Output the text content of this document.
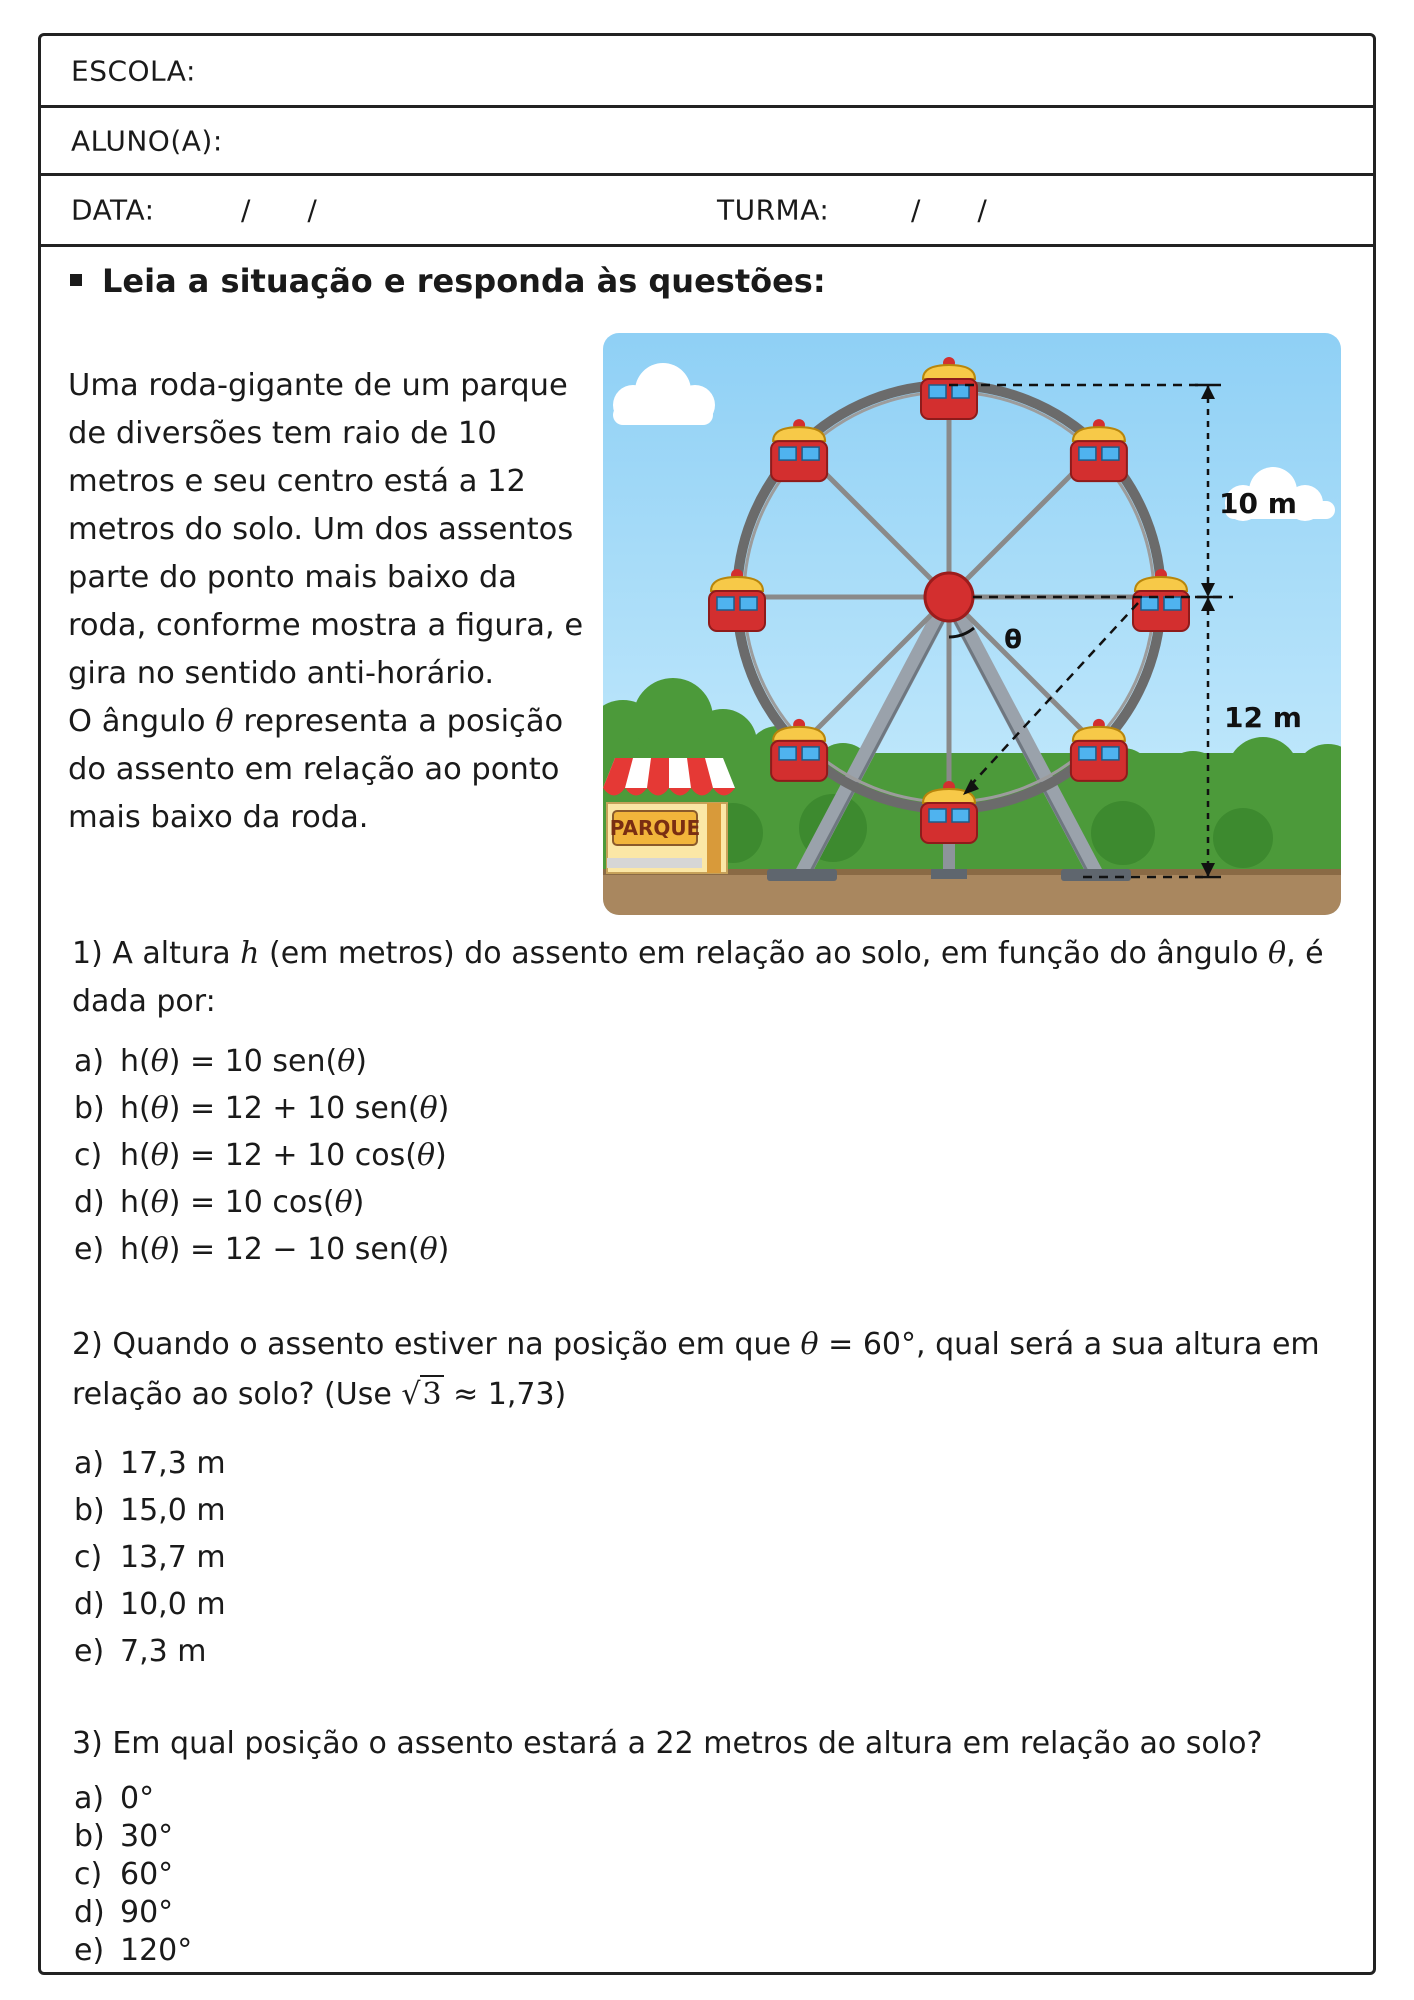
ESCOLA:
ALUNO(A):
DATA:	/      /	TURMA:	/      /
Leia a situação e responda às questões:

Uma roda-gigante de um parque de diversões tem raio de 10 metros e seu centro está a 12 metros do solo. Um dos assentos parte do ponto mais baixo da roda, conforme mostra a figura, e gira no sentido anti-horário.

O ângulo θ representa a posição do assento em relação ao ponto mais baixo da roda.	PARQUE
θ
10 m
12 m

1) A altura h (em metros) do assento em relação ao solo, em função do ângulo θ, é dada por:

a) h(θ) = 10 sen(θ)
b) h(θ) = 12 + 10 sen(θ)
c) h(θ) = 12 + 10 cos(θ)
d) h(θ) = 10 cos(θ)
e) h(θ) = 12 − 10 sen(θ)

2) Quando o assento estiver na posição em que θ = 60°, qual será a sua altura em relação ao solo? (Use √3 ≈ 1,73)

a) 17,3 m
b) 15,0 m
c) 13,7 m
d) 10,0 m
e) 7,3 m

3) Em qual posição o assento estará a 22 metros de altura em relação ao solo?

a) 0°
b) 30°
c) 60°
d) 90°
e) 120°
